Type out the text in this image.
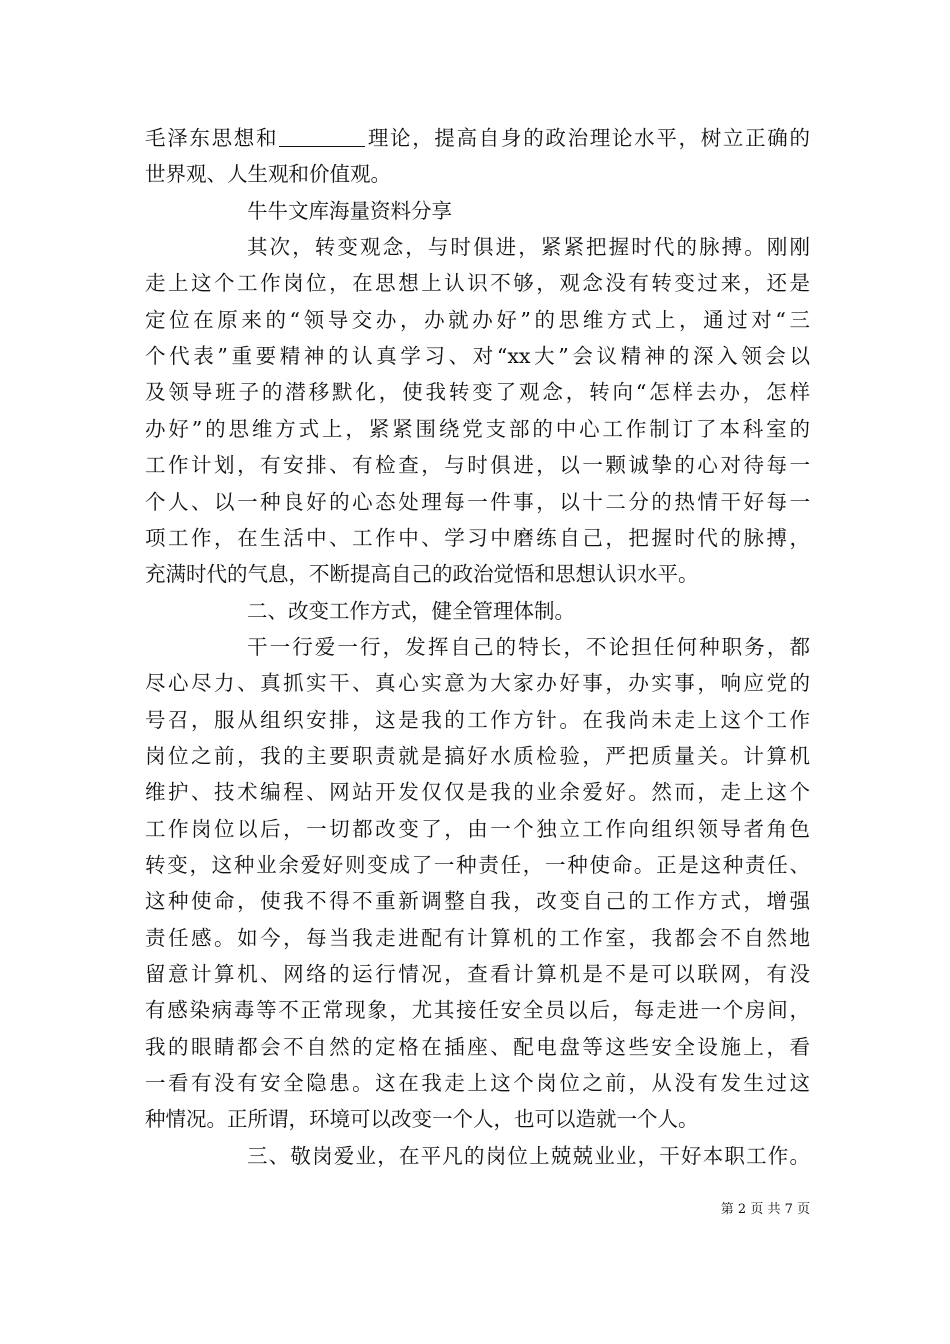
毛泽东思想和	理论，提高自身的政治理论水平，树立正确的
世界观、人生观和价值观。
牛牛文库海量资料分享
其次，转变观念，与时俱进，紧紧把握时代的脉搏。刚刚
走上这个工作岗位，在思想上认识不够，观念没有转变过来，还是
定位在原来的“领导交办，办就办好”的思维方式上，通过对“三
个代表”重要精神的认真学习、对“xx大”会议精神的深入领会以
及领导班子的潜移默化，使我转变了观念，转向“怎样去办，怎样
办好”的思维方式上，紧紧围绕党支部的中心工作制订了本科室的
工作计划，有安排、有检查，与时俱进，以一颗诚挚的心对待每一
个人、以一种良好的心态处理每一件事，以十二分的热情干好每一
项工作，在生活中、工作中、学习中磨练自己，把握时代的脉搏，
充满时代的气息，不断提高自己的政治觉悟和思想认识水平。
二、改变工作方式，健全管理体制。
干一行爱一行，发挥自己的特长，不论担任何种职务，都
尽心尽力、真抓实干、真心实意为大家办好事，办实事，响应党的
号召，服从组织安排，这是我的工作方针。在我尚未走上这个工作
岗位之前，我的主要职责就是搞好水质检验，严把质量关。计算机
维护、技术编程、网站开发仅仅是我的业余爱好。然而，走上这个
工作岗位以后，一切都改变了，由一个独立工作向组织领导者角色
转变，这种业余爱好则变成了一种责任，一种使命。正是这种责任、
这种使命，使我不得不重新调整自我，改变自己的工作方式，增强
责任感。如今，每当我走进配有计算机的工作室，我都会不自然地
留意计算机、网络的运行情况，查看计算机是不是可以联网，有没
有感染病毒等不正常现象，尤其接任安全员以后，每走进一个房间，
我的眼睛都会不自然的定格在插座、配电盘等这些安全设施上，看
一看有没有安全隐患。这在我走上这个岗位之前，从没有发生过这
种情况。正所谓，环境可以改变一个人，也可以造就一个人。
三、敬岗爱业，在平凡的岗位上兢兢业业，干好本职工作。
第 2 页 共 7 页
